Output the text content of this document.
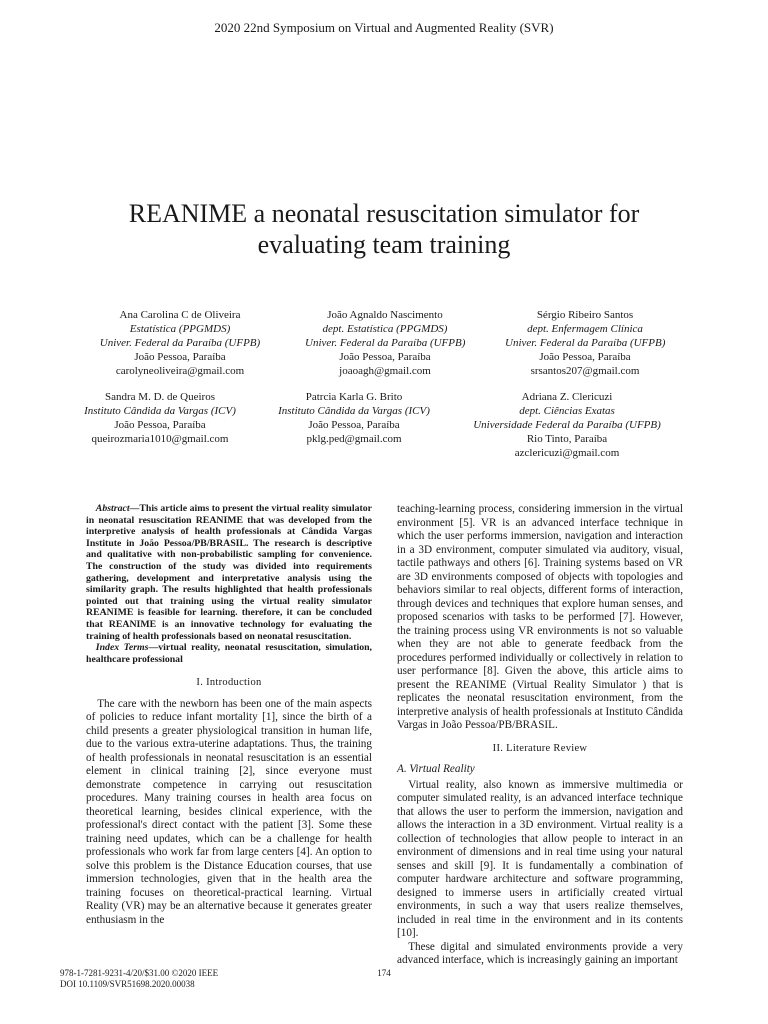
2020 22nd Symposium on Virtual and Augmented Reality (SVR)
REANIME a neonatal resuscitation simulator for
evaluating team training
Ana Carolina C de Oliveira
Estatística (PPGMDS)
Univer. Federal da Paraíba (UFPB)
João Pessoa, Paraíba
carolyneoliveira@gmail.com
João Agnaldo Nascimento
dept. Estatística (PPGMDS)
Univer. Federal da Paraíba (UFPB)
João Pessoa, Paraíba
joaoagh@gmail.com
Sérgio Ribeiro Santos
dept. Enfermagem Clínica
Univer. Federal da Paraíba (UFPB)
João Pessoa, Paraíba
srsantos207@gmail.com
Sandra M. D. de Queiros
Instituto Cândida da Vargas (ICV)
João Pessoa, Paraíba
queirozmaria1010@gmail.com
Patrcia Karla G. Brito
Instituto Cândida da Vargas (ICV)
João Pessoa, Paraíba
pklg.ped@gmail.com
Adriana Z. Clericuzi
dept. Ciências Exatas
Universidade Federal da Paraíba (UFPB)
Rio Tinto, Paraíba
azclericuzi@gmail.com

Abstract—This article aims to present the virtual reality simulator in neonatal resuscitation REANIME that was developed from the interpretive analysis of health professionals at Cândida Vargas Institute in João Pessoa/PB/BRASIL. The research is descriptive and qualitative with non-probabilistic sampling for convenience. The construction of the study was divided into requirements gathering, development and interpretative analysis using the similarity graph. The results highlighted that health professionals pointed out that training using the virtual reality simulator REANIME is feasible for learning. therefore, it can be concluded that REANIME is an innovative technology for evaluating the training of health professionals based on neonatal resuscitation.

Index Terms—virtual reality, neonatal resuscitation, simulation, healthcare professional

I. Introduction

The care with the newborn has been one of the main aspects of policies to reduce infant mortality [1], since the birth of a child presents a greater physiological transition in human life, due to the various extra-uterine adaptations. Thus, the training of health professionals in neonatal resuscitation is an essential element in clinical training [2], since everyone must demonstrate competence in carrying out resuscitation procedures. Many training courses in health area focus on theoretical learning, besides clinical experience, with the professional's direct contact with the patient [3]. Some these training need updates, which can be a challenge for health professionals who work far from large centers [4]. An option to solve this problem is the Distance Education courses, that use immersion technologies, given that in the health area the training focuses on theoretical-practical learning. Virtual Reality (VR) may be an alternative because it generates greater enthusiasm in the

teaching-learning process, considering immersion in the virtual environment [5]. VR is an advanced interface technique in which the user performs immersion, navigation and interaction in a 3D environment, computer simulated via auditory, visual, tactile pathways and others [6]. Training systems based on VR are 3D environments composed of objects with topologies and behaviors similar to real objects, different forms of interaction, through devices and techniques that explore human senses, and proposed scenarios with tasks to be performed [7]. However, the training process using VR environments is not so valuable when they are not able to generate feedback from the procedures performed individually or collectively in relation to user performance [8]. Given the above, this article aims to present the REANIME (Virtual Reality Simulator ) that is replicates the neonatal resuscitation environment, from the interpretive analysis of health professionals at Instituto Cândida Vargas in João Pessoa/PB/BRASIL.

II. Literature Review
A. Virtual Reality

Virtual reality, also known as immersive multimedia or computer simulated reality, is an advanced interface technique that allows the user to perform the immersion, navigation and allows the interaction in a 3D environment. Virtual reality is a collection of technologies that allow people to interact in an environment of dimensions and in real time using your natural senses and skill [9]. It is fundamentally a combination of computer hardware architecture and software programming, designed to immerse users in artificially created virtual environments, in such a way that users realize themselves, included in real time in the environment and in its contents [10].

These digital and simulated environments provide a very advanced interface, which is increasingly gaining an important

978-1-7281-9231-4/20/$31.00 ©2020 IEEE
DOI 10.1109/SVR51698.2020.00038
174
